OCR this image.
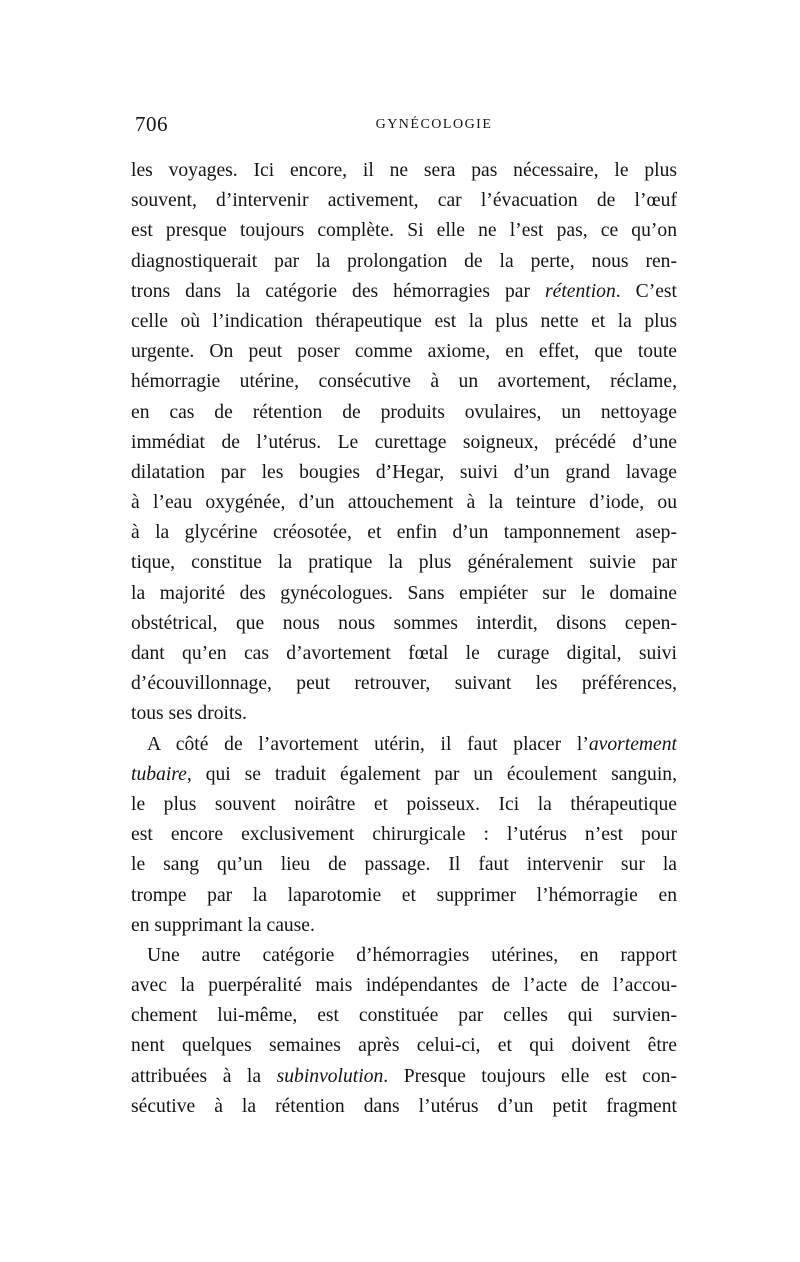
706	GYNÉCOLOGIE
les voyages. Ici encore, il ne sera pas nécessaire, le plus
souvent, d’intervenir activement, car l’évacuation de l’œuf
est presque toujours complète. Si elle ne l’est pas, ce qu’on
diagnostiquerait par la prolongation de la perte, nous ren-
trons dans la catégorie des hémorragies par rétention. C’est
celle où l’indication thérapeutique est la plus nette et la plus
urgente. On peut poser comme axiome, en effet, que toute
hémorragie utérine, consécutive à un avortement, réclame,
en cas de rétention de produits ovulaires, un nettoyage
immédiat de l’utérus. Le curettage soigneux, précédé d’une
dilatation par les bougies d’Hegar, suivi d’un grand lavage
à l’eau oxygénée, d’un attouchement à la teinture d’iode, ou
à la glycérine créosotée, et enfin d’un tamponnement asep-
tique, constitue la pratique la plus généralement suivie par
la majorité des gynécologues. Sans empiéter sur le domaine
obstétrical, que nous nous sommes interdit, disons cepen-
dant qu’en cas d’avortement fœtal le curage digital, suivi
d’écouvillonnage, peut retrouver, suivant les préférences,
tous ses droits.
A côté de l’avortement utérin, il faut placer l’avortement
tubaire, qui se traduit également par un écoulement sanguin,
le plus souvent noirâtre et poisseux. Ici la thérapeutique
est encore exclusivement chirurgicale : l’utérus n’est pour
le sang qu’un lieu de passage. Il faut intervenir sur la
trompe par la laparotomie et supprimer l’hémorragie en
en supprimant la cause.
Une autre catégorie d’hémorragies utérines, en rapport
avec la puerpéralité mais indépendantes de l’acte de l’accou-
chement lui-même, est constituée par celles qui survien-
nent quelques semaines après celui-ci, et qui doivent être
attribuées à la subinvolution. Presque toujours elle est con-
sécutive à la rétention dans l’utérus d’un petit fragment
